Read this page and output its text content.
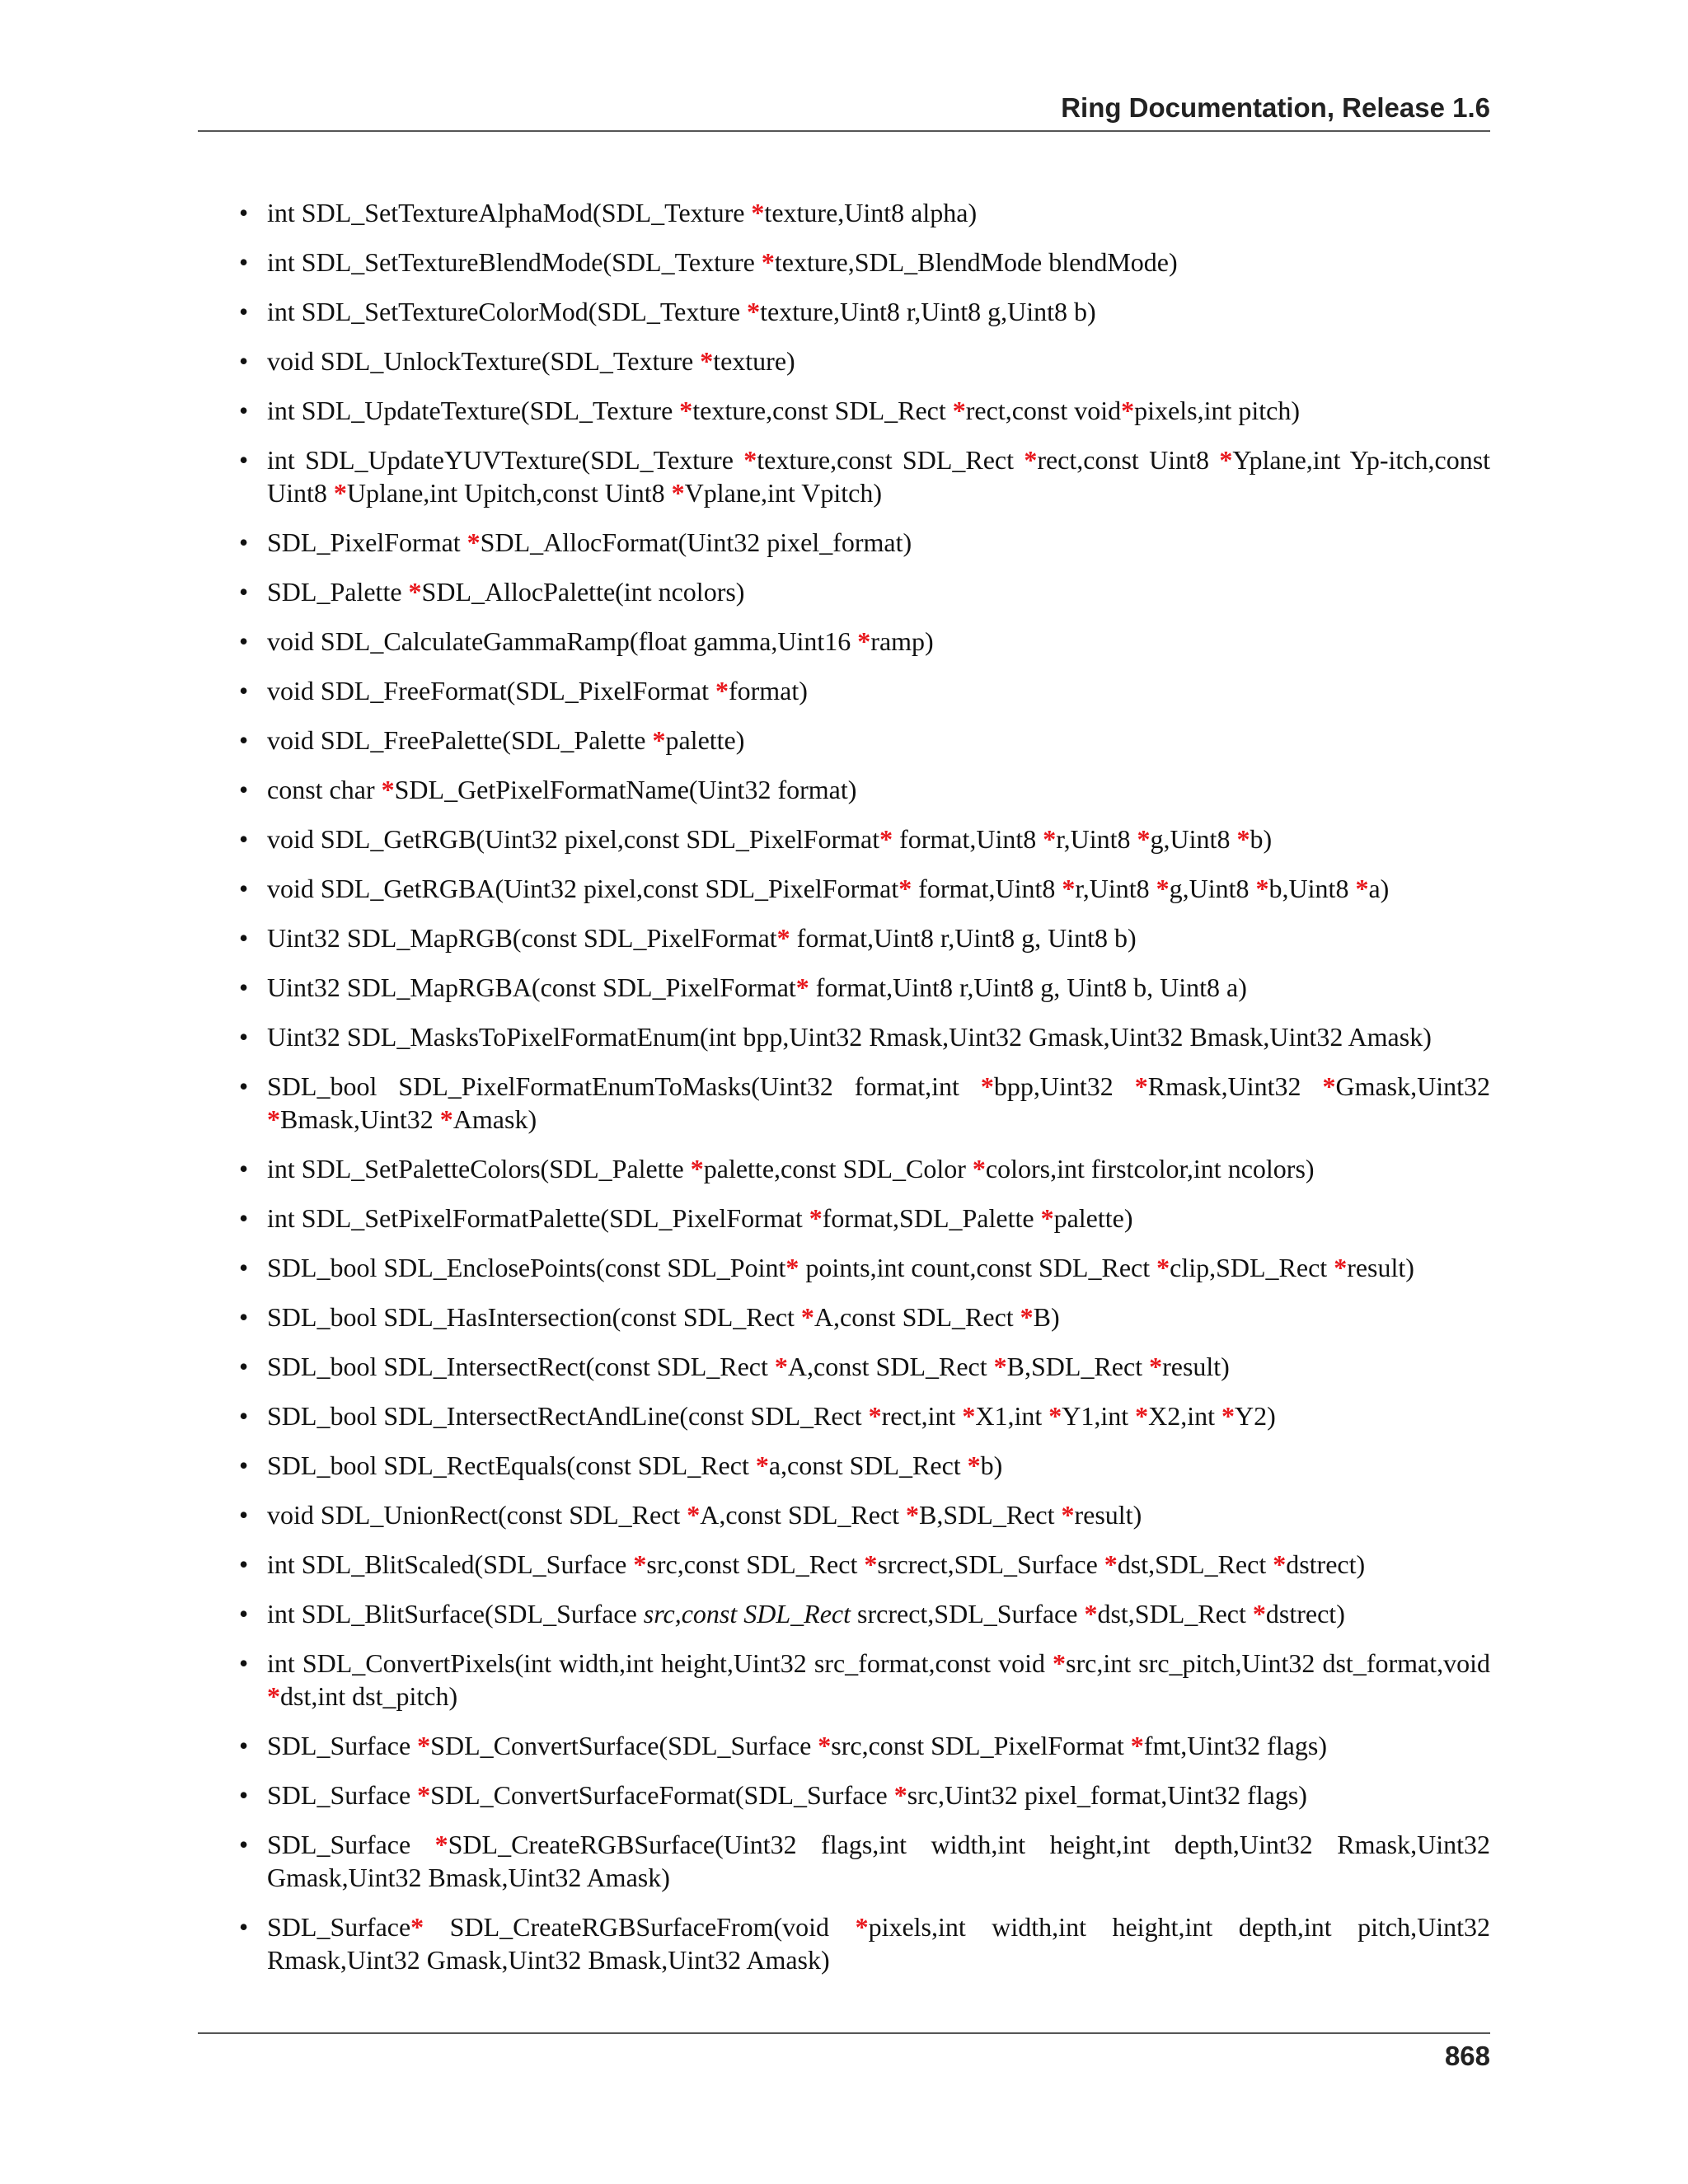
Ring Documentation, Release 1.6
• int SDL_SetTextureAlphaMod(SDL_Texture *texture,Uint8 alpha)
• int SDL_SetTextureBlendMode(SDL_Texture *texture,SDL_BlendMode blendMode)
• int SDL_SetTextureColorMod(SDL_Texture *texture,Uint8 r,Uint8 g,Uint8 b)
• void SDL_UnlockTexture(SDL_Texture *texture)
• int SDL_UpdateTexture(SDL_Texture *texture,const SDL_Rect *rect,const void*pixels,int pitch)
• int SDL_UpdateYUVTexture(SDL_Texture *texture,const SDL_Rect *rect,const Uint8 *Yplane,int Yp-itch,const Uint8 *Uplane,int Upitch,const Uint8 *Vplane,int Vpitch)
• SDL_PixelFormat *SDL_AllocFormat(Uint32 pixel_format)
• SDL_Palette *SDL_AllocPalette(int ncolors)
• void SDL_CalculateGammaRamp(float gamma,Uint16 *ramp)
• void SDL_FreeFormat(SDL_PixelFormat *format)
• void SDL_FreePalette(SDL_Palette *palette)
• const char *SDL_GetPixelFormatName(Uint32 format)
• void SDL_GetRGB(Uint32 pixel,const SDL_PixelFormat* format,Uint8 *r,Uint8 *g,Uint8 *b)
• void SDL_GetRGBA(Uint32 pixel,const SDL_PixelFormat* format,Uint8 *r,Uint8 *g,Uint8 *b,Uint8 *a)
• Uint32 SDL_MapRGB(const SDL_PixelFormat* format,Uint8 r,Uint8 g, Uint8 b)
• Uint32 SDL_MapRGBA(const SDL_PixelFormat* format,Uint8 r,Uint8 g, Uint8 b, Uint8 a)
• Uint32 SDL_MasksToPixelFormatEnum(int bpp,Uint32 Rmask,Uint32 Gmask,Uint32 Bmask,Uint32 Amask)
• SDL_bool SDL_PixelFormatEnumToMasks(Uint32 format,int *bpp,Uint32 *Rmask,Uint32 *Gmask,Uint32 *Bmask,Uint32 *Amask)
• int SDL_SetPaletteColors(SDL_Palette *palette,const SDL_Color *colors,int firstcolor,int ncolors)
• int SDL_SetPixelFormatPalette(SDL_PixelFormat *format,SDL_Palette *palette)
• SDL_bool SDL_EnclosePoints(const SDL_Point* points,int count,const SDL_Rect *clip,SDL_Rect *result)
• SDL_bool SDL_HasIntersection(const SDL_Rect *A,const SDL_Rect *B)
• SDL_bool SDL_IntersectRect(const SDL_Rect *A,const SDL_Rect *B,SDL_Rect *result)
• SDL_bool SDL_IntersectRectAndLine(const SDL_Rect *rect,int *X1,int *Y1,int *X2,int *Y2)
• SDL_bool SDL_RectEquals(const SDL_Rect *a,const SDL_Rect *b)
• void SDL_UnionRect(const SDL_Rect *A,const SDL_Rect *B,SDL_Rect *result)
• int SDL_BlitScaled(SDL_Surface *src,const SDL_Rect *srcrect,SDL_Surface *dst,SDL_Rect *dstrect)
• int SDL_BlitSurface(SDL_Surface src,const SDL_Rect srcrect,SDL_Surface *dst,SDL_Rect *dstrect)
• int SDL_ConvertPixels(int width,int height,Uint32 src_format,const void *src,int src_pitch,Uint32 dst_format,void *dst,int dst_pitch)
• SDL_Surface *SDL_ConvertSurface(SDL_Surface *src,const SDL_PixelFormat *fmt,Uint32 flags)
• SDL_Surface *SDL_ConvertSurfaceFormat(SDL_Surface *src,Uint32 pixel_format,Uint32 flags)
• SDL_Surface *SDL_CreateRGBSurface(Uint32 flags,int width,int height,int depth,Uint32 Rmask,Uint32 Gmask,Uint32 Bmask,Uint32 Amask)
• SDL_Surface* SDL_CreateRGBSurfaceFrom(void *pixels,int width,int height,int depth,int pitch,Uint32 Rmask,Uint32 Gmask,Uint32 Bmask,Uint32 Amask)
868
